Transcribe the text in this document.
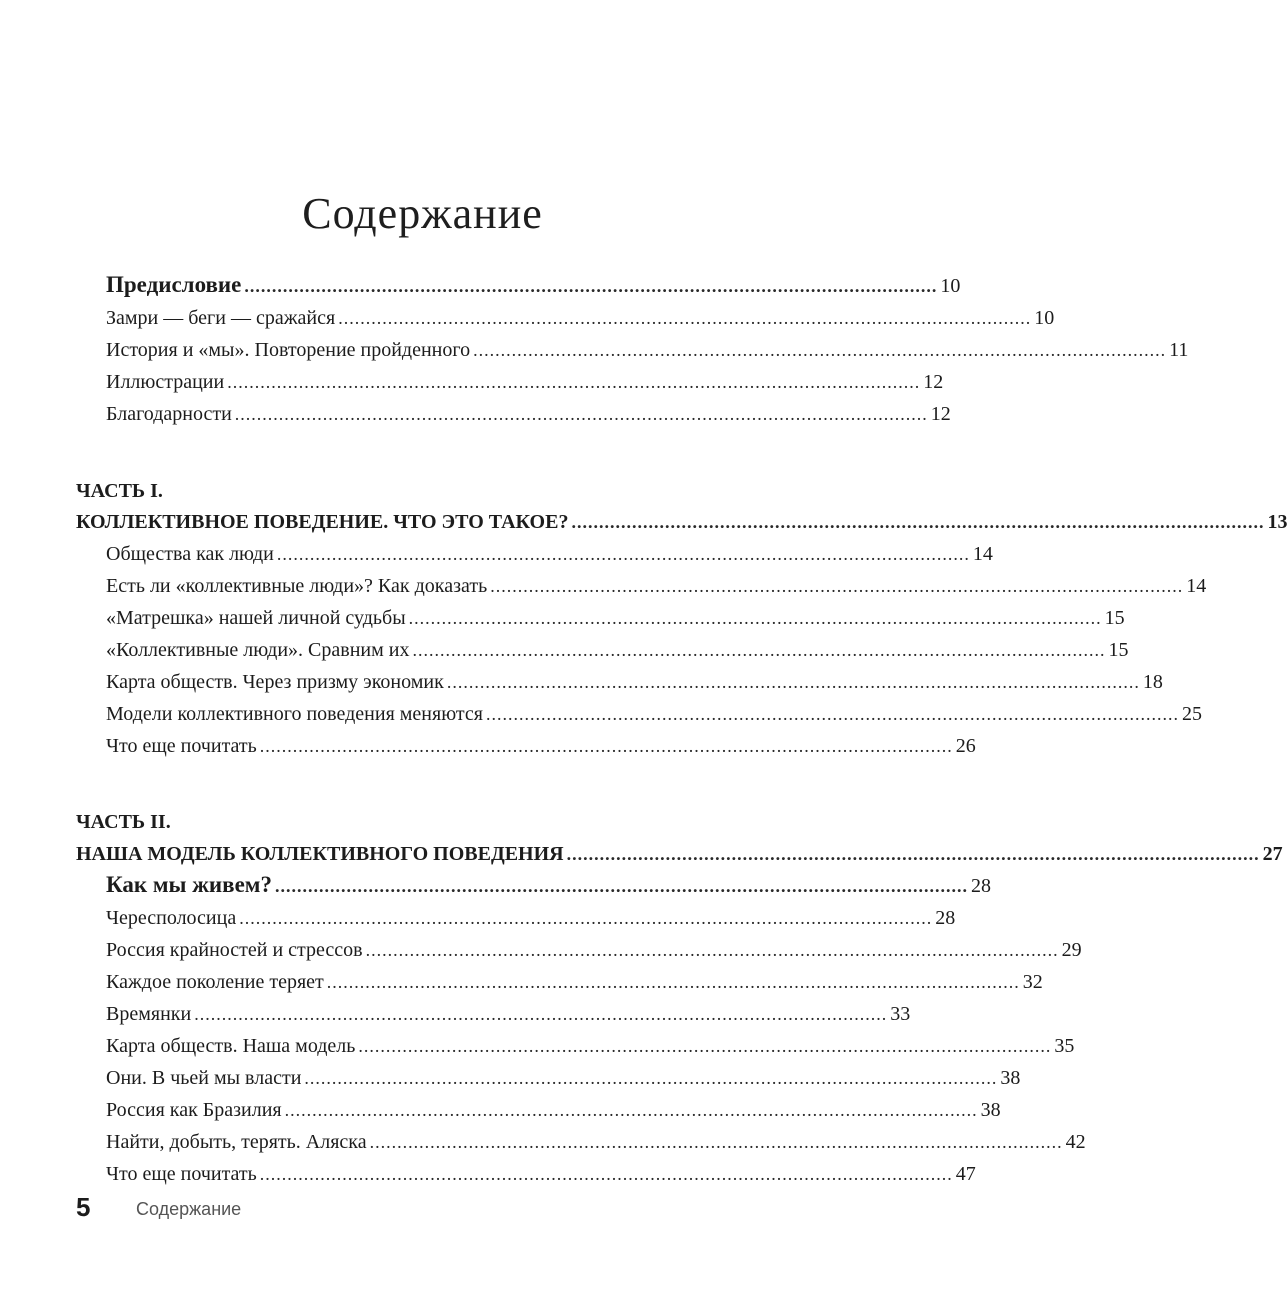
Содержание
Предисловие .............................................................................................................................. 10
Замри — беги — сражайся .............................................................................................................................. 10
История и «мы». Повторение пройденного .............................................................................................................................. 11
Иллюстрации .............................................................................................................................. 12
Благодарности .............................................................................................................................. 12
ЧАСТЬ I.
КОЛЛЕКТИВНОЕ ПОВЕДЕНИЕ. ЧТО ЭТО ТАКОЕ? .............................................................................................................................. 13
Общества как люди .............................................................................................................................. 14
Есть ли «коллективные люди»? Как доказать .............................................................................................................................. 14
«Матрешка» нашей личной судьбы .............................................................................................................................. 15
«Коллективные люди». Сравним их .............................................................................................................................. 15
Карта обществ. Через призму экономик .............................................................................................................................. 18
Модели коллективного поведения меняются .............................................................................................................................. 25
Что еще почитать .............................................................................................................................. 26
ЧАСТЬ II.
НАША МОДЕЛЬ КОЛЛЕКТИВНОГО ПОВЕДЕНИЯ .............................................................................................................................. 27
Как мы живем? .............................................................................................................................. 28
Чересполосица .............................................................................................................................. 28
Россия крайностей и стрессов .............................................................................................................................. 29
Каждое поколение теряет .............................................................................................................................. 32
Времянки .............................................................................................................................. 33
Карта обществ. Наша модель .............................................................................................................................. 35
Они. В чьей мы власти .............................................................................................................................. 38
Россия как Бразилия .............................................................................................................................. 38
Найти, добыть, терять. Аляска .............................................................................................................................. 42
Что еще почитать .............................................................................................................................. 47
5	Содержание
